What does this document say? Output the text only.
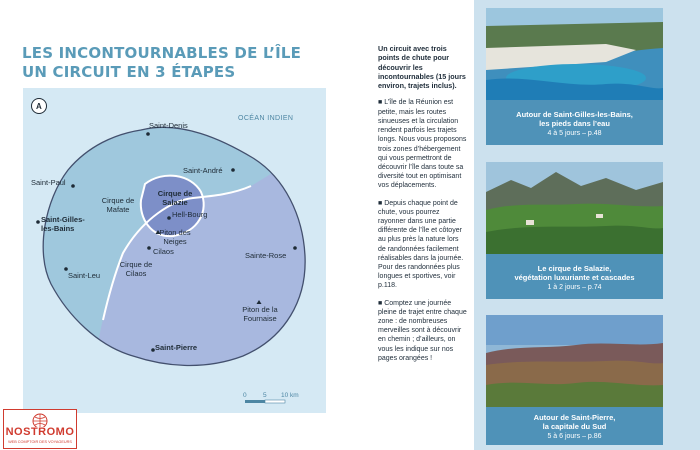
LES INCONTOURNABLES DE L’ÎLE
UN CIRCUIT EN 3 ÉTAPES
A
OCÉAN INDIEN
Saint-Denis
Saint-André
Saint-Paul
Saint-Gilles-les-Bains
Saint-Leu
Saint-Pierre
Sainte-Rose
Hell-Bourg
Cilaos
Cirque de Salazie
Cirque de Mafate
Cirque de Cilaos
Piton des Neiges
Piton de la Fournaise
0	5 10 km

Un circuit avec trois points de chute pour découvrir les incontournables (15 jours environ, trajets inclus).

■ L’île de la Réunion est petite, mais les routes sinueuses et la circulation rendent parfois les trajets longs. Nous vous proposons trois zones d’hébergement qui vous permettront de découvrir l’île dans toute sa diversité tout en optimisant vos déplacements.

■ Depuis chaque point de chute, vous pourrez rayonner dans une partie différente de l’île et côtoyer au plus près la nature lors de randonnées facilement réalisables dans la journée. Pour des randonnées plus longues et sportives, voir p.118.

■ Comptez une journée pleine de trajet entre chaque zone : de nombreuses merveilles sont à découvrir en chemin ; d’ailleurs, on vous les indique sur nos pages orangées !

Autour de Saint-Gilles-les-Bains,
les pieds dans l’eau
4 à 5 jours – p.48
Le cirque de Salazie,
végétation luxuriante et cascades
1 à 2 jours – p.74
Autour de Saint-Pierre,
la capitale du Sud
5 à 6 jours – p.86
NOSTROMO
WEB COMPTOIR DES VOYAGEURS
